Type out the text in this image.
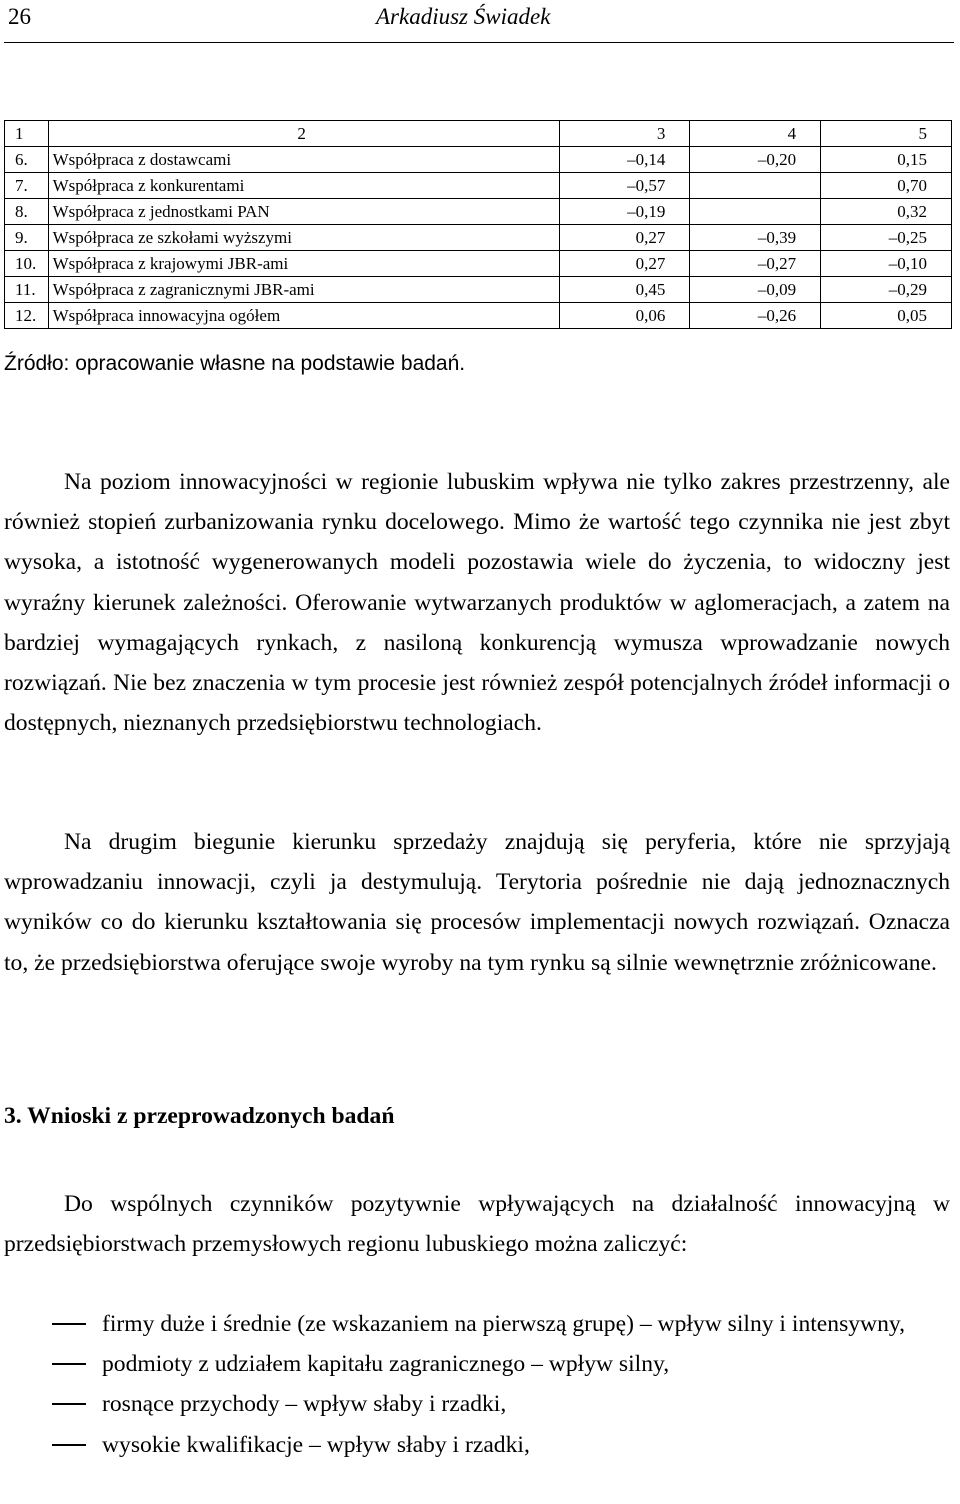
26	Arkadiusz Świadek
1	2	3	4	5
6.	Współpraca z dostawcami	–0,14	–0,20	0,15
7.	Współpraca z konkurentami	–0,57		0,70
8.	Współpraca z jednostkami PAN	–0,19		0,32
9.	Współpraca ze szkołami wyższymi	0,27	–0,39	–0,25
10.	Współpraca z krajowymi JBR-ami	0,27	–0,27	–0,10
11.	Współpraca z zagranicznymi JBR-ami	0,45	–0,09	–0,29
12.	Współpraca innowacyjna ogółem	0,06	–0,26	0,05
Źródło: opracowanie własne na podstawie badań.

Na poziom innowacyjności w regionie lubuskim wpływa nie tylko zakres przestrzenny, ale również stopień zurbanizowania rynku docelowego. Mimo że wartość tego czynnika nie jest zbyt wysoka, a istotność wygenerowanych modeli pozostawia wiele do życzenia, to widoczny jest wyraźny kierunek zależności. Oferowanie wytwarzanych produktów w aglomeracjach, a zatem na bardziej wymagających rynkach, z nasiloną konkurencją wymusza wprowadzanie nowych rozwiązań. Nie bez znaczenia w tym procesie jest również zespół potencjalnych źródeł informacji o dostępnych, nieznanych przedsiębiorstwu technologiach.

Na drugim biegunie kierunku sprzedaży znajdują się peryferia, które nie sprzyjają wprowadzaniu innowacji, czyli ja destymulują. Terytoria pośrednie nie dają jednoznacznych wyników co do kierunku kształtowania się procesów implementacji nowych rozwiązań. Oznacza to, że przedsiębiorstwa oferujące swoje wyroby na tym rynku są silnie wewnętrznie zróżnicowane.

3. Wnioski z przeprowadzonych badań

Do wspólnych czynników pozytywnie wpływających na działalność innowacyjną w przedsiębiorstwach przemysłowych regionu lubuskiego można zaliczyć:

firmy duże i średnie (ze wskazaniem na pierwszą grupę) – wpływ silny i intensywny,
podmioty z udziałem kapitału zagranicznego – wpływ silny,
rosnące przychody – wpływ słaby i rzadki,
wysokie kwalifikacje – wpływ słaby i rzadki,
